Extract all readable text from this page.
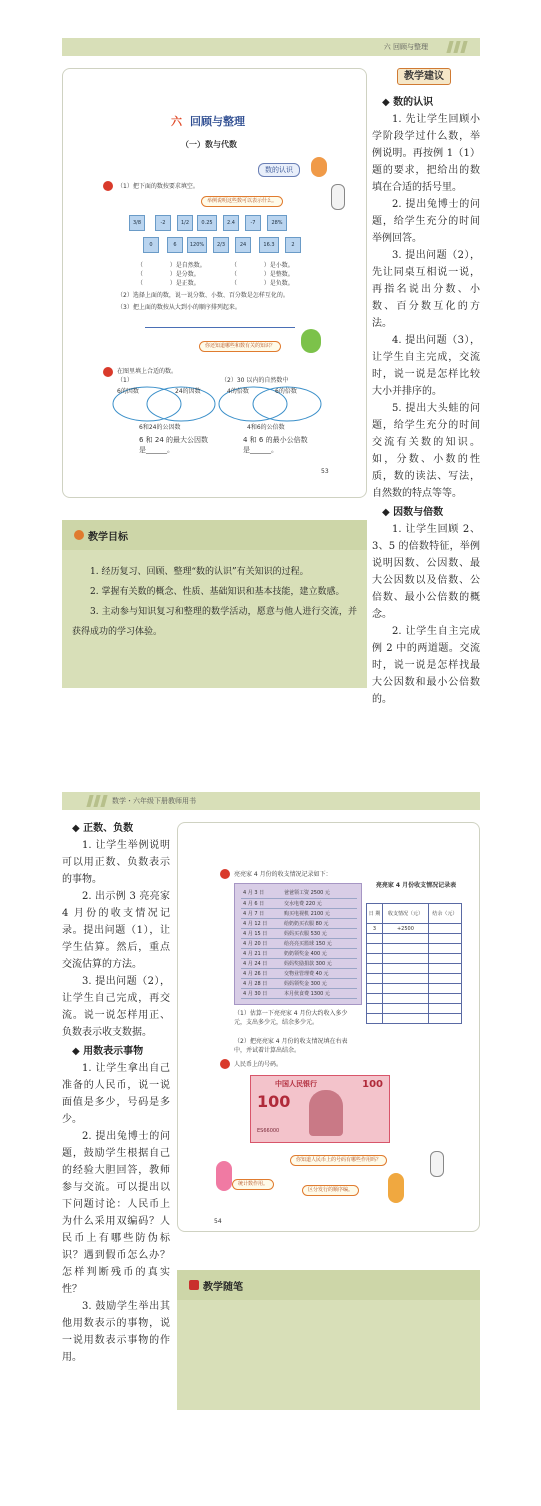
六 回顾与整理
六 回顾与整理
（一）数与代数
数的认识
（1）把下面的数按要求填空。
举例说明这些数可以表示什么。
3/8	-2	1/2	0.25	2.4	-7	28%
0	6	120%	2/3	24	16.3	2
（              ）是自然数。
（              ）是分数。
（              ）是正数。
（              ）是小数。
（              ）是整数。
（              ）是负数。
（2）选择上面的数，说一说分数、小数、百分数是怎样互化的。
（3）把上面的数按从大到小的顺序排列起来。
你还知道哪些和数有关的知识？
在图里填上合适的数。
（1）
6的因数	24的因数
6和24的公因数
6 和 24 的最大公因数
是______。
（2）30 以内的自然数中
4的倍数	6的倍数
4和6的公倍数
4 和 6 的最小公倍数
是______。
53
教学建议

◆ 数的认识

1. 先让学生回顾小学阶段学过什么数，举例说明。再按例 1（1）题的要求，把给出的数填在合适的括号里。

2. 提出兔博士的问题，给学生充分的时间举例回答。

3. 提出问题（2），先让同桌互相说一说，再指名说出分数、小数、百分数互化的方法。

4. 提出问题（3），让学生自主完成，交流时，说一说是怎样比较大小并排序的。

5. 提出大头蛙的问题，给学生充分的时间交流有关数的知识。如，分数、小数的性质，数的读法、写法，自然数的特点等等。

◆ 因数与倍数

1. 让学生回顾 2、3、5 的倍数特征，举例说明因数、公因数、最大公因数以及倍数、公倍数、最小公倍数的概念。

2. 让学生自主完成例 2 中的两道题。交流时，说一说是怎样找最大公因数和最小公倍数的。

教学目标

1. 经历复习、回顾、整理“数的认识”有关知识的过程。

2. 掌握有关数的概念、性质、基础知识和基本技能，建立数感。

3. 主动参与知识复习和整理的数学活动，愿意与他人进行交流，并获得成功的学习体验。

数学・六年级下册教师用书

◆ 正数、负数

1. 让学生举例说明可以用正数、负数表示的事物。

2. 出示例 3 亮亮家 4 月份的收支情况记录。提出问题（1），让学生估算。然后，重点交流估算的方法。

3. 提出问题（2），让学生自己完成，再交流。说一说怎样用正、负数表示收支数据。

◆ 用数表示事物

1. 让学生拿出自己准备的人民币，说一说面值是多少，号码是多少。

2. 提出兔博士的问题，鼓励学生根据自己的经验大胆回答，教师参与交流。可以提出以下问题讨论：人民币上为什么采用双编码？人民币上有哪些防伪标识？遇到假币怎么办？怎样判断残币的真实性？

3. 鼓励学生举出其他用数表示的事物，说一说用数表示事物的作用。

亮亮家 4 月份的收支情况记录如下：
4 月 3 日	爸爸领工资 2500 元
4 月 6 日	交水电费 220 元
4 月 7 日	购买电视机 2100 元
4 月 12 日	给奶奶买衣服 80 元
4 月 15 日	妈妈买衣服 530 元
4 月 20 日	给亮亮买篮球 150 元
4 月 21 日	奶奶领奖金 400 元
4 月 24 日	妈妈奖励捐款 300 元
4 月 26 日	交物业管理费 40 元
4 月 28 日	妈妈领奖金 300 元
4 月 30 日	本月伙食费 1300 元
亮亮家 4 月份收支情况记录表
日 期	收支情况（元）	结余（元）
3	+2500	

（1）估算一下亮亮家 4 月份大约收入多少元，支出多少元，结余多少元。
（2）把亮亮家 4 月份的收支情况填在右表中，并试着计算出结余。
人民币上的号码。
中国人民银行
100
100
ES66000
你知道人民币上的号码有哪些作用吗？
统计数作用。
区分发行的顺序编。
54
教学随笔
